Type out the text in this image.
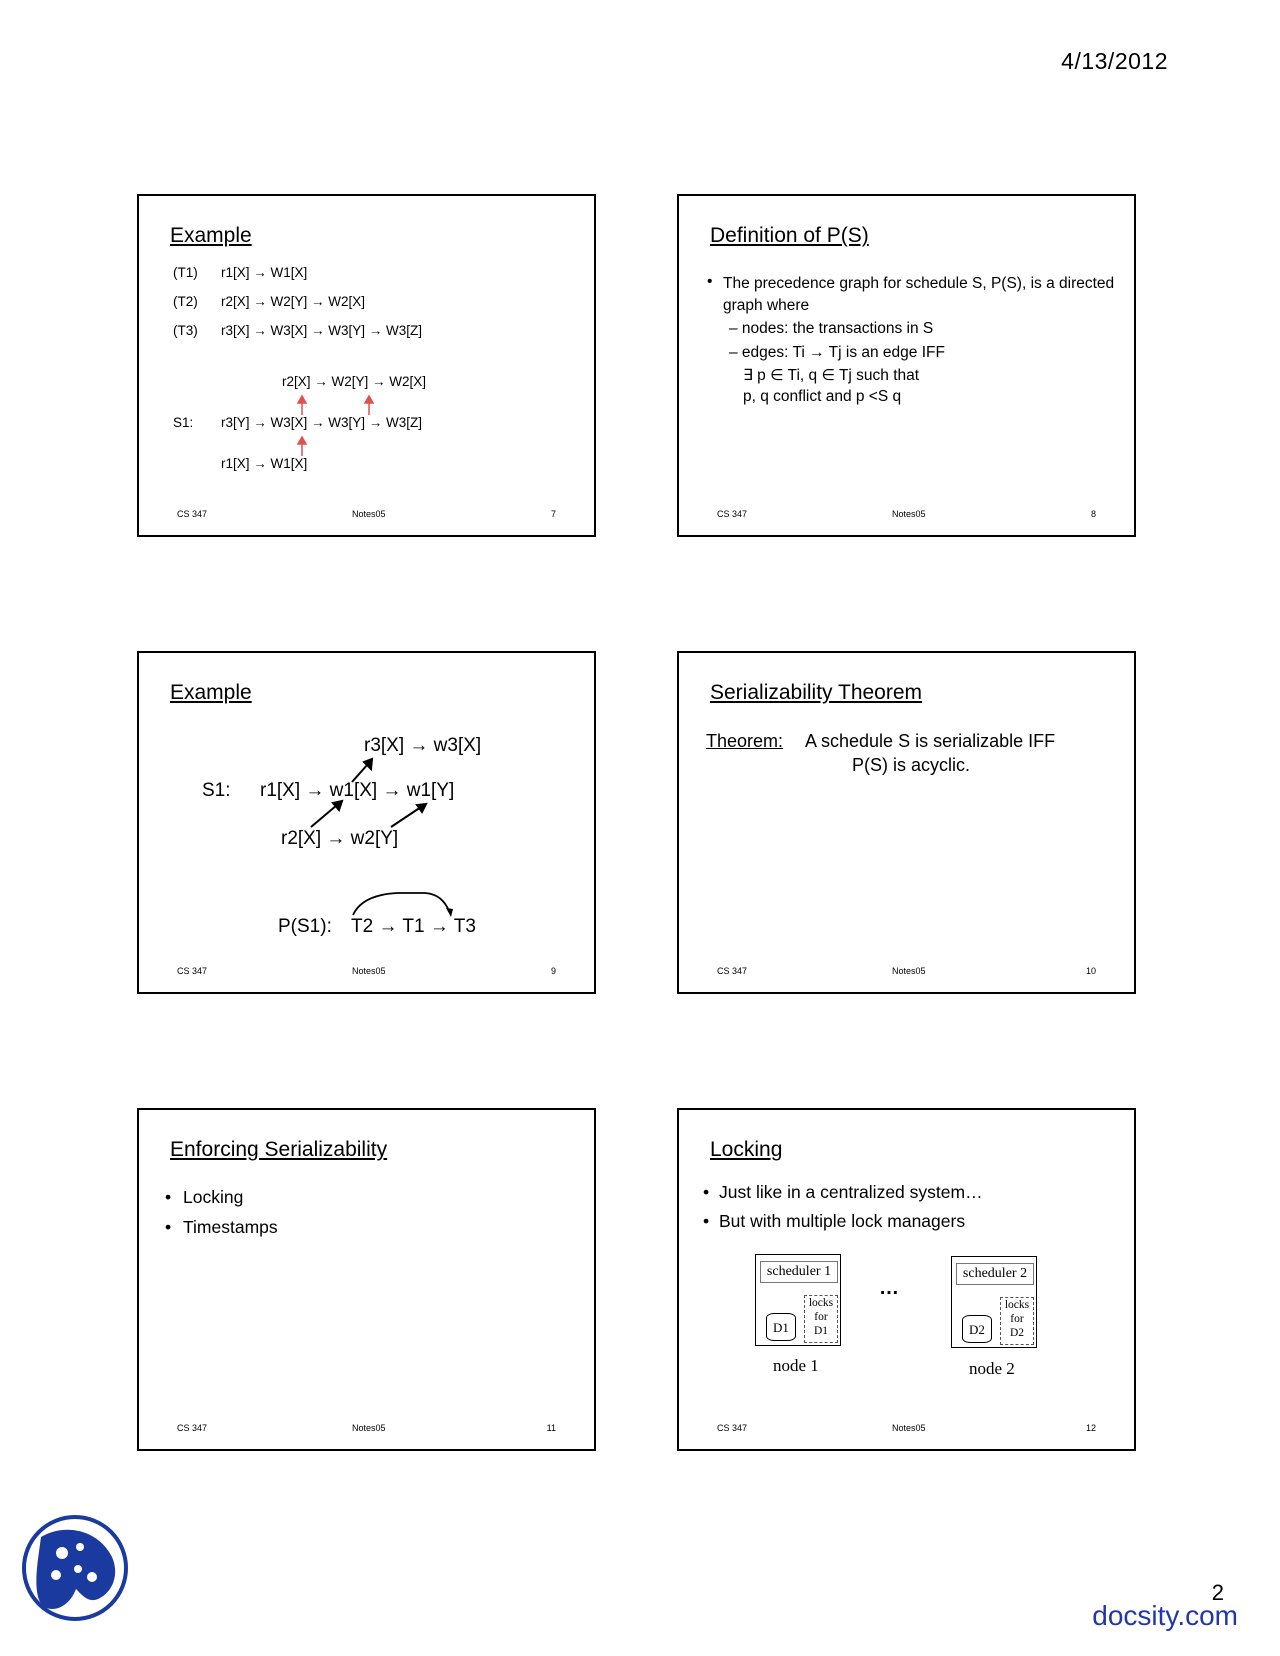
4/13/2012
Example
(T1) r1[X] → W1[X]
(T2) r2[X] → W2[Y] → W2[X]
(T3) r3[X] → W3[X] → W3[Y] → W3[Z]
r2[X] → W2[Y] → W2[X]
S1: r3[Y] → W3[X] → W3[Y] → W3[Z]
r1[X] → W1[X]
CS 347	Notes05	7
Definition of P(S)
• The precedence graph for schedule S, P(S), is a directed graph where
– nodes: the transactions in S
– edges: Ti → Tj is an edge IFF
∃ p ∈ Ti, q ∈ Tj such that
p, q conflict and p <S q
CS 347	Notes05	8
Example
r3[X] → w3[X]
S1: r1[X] → w1[X] → w1[Y]
r2[X] → w2[Y]
P(S1): T2 → T1 → T3
CS 347	Notes05	9
Serializability Theorem
Theorem: A schedule S is serializable IFF
P(S) is acyclic.
CS 347	Notes05	10
Enforcing Serializability
• Locking
• Timestamps
CS 347	Notes05	11
Locking
• Just like in a centralized system…
• But with multiple lock managers
scheduler 1
D1
locks
for
D1
node 1
…
scheduler 2
D2
locks
for
D2
node 2
CS 347	Notes05	12
2
docsity.com
